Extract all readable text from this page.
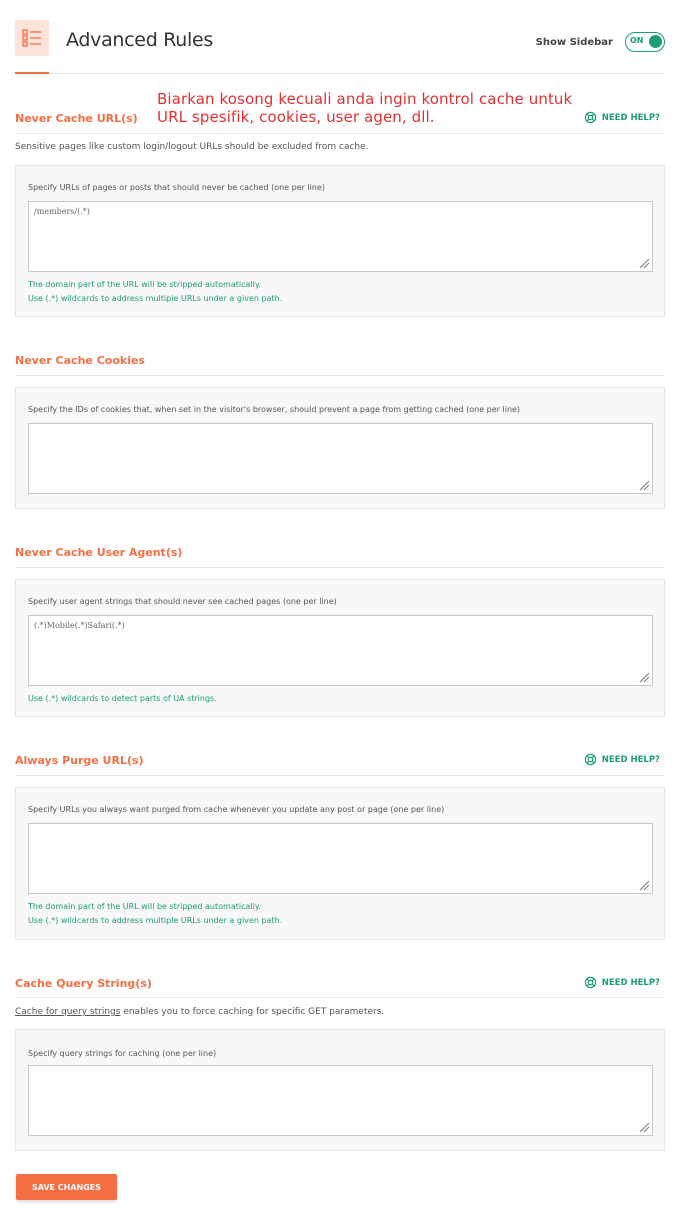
Advanced Rules	Show Sidebar ON
Biarkan kosong kecuali anda ingin kontrol cache untuk
URL spesifik, cookies, user agen, dll.
Never Cache URL(s)	NEED HELP?
Sensitive pages like custom login/logout URLs should be excluded from cache.
Specify URLs of pages or posts that should never be cached (one per line)
/members/(.*)
The domain part of the URL will be stripped automatically.
Use (.*) wildcards to address multiple URLs under a given path.
Never Cache Cookies
Specify the IDs of cookies that, when set in the visitor's browser, should prevent a page from getting cached (one per line)
Never Cache User Agent(s)
Specify user agent strings that should never see cached pages (one per line)
(.*)Mobile(.*)Safari(.*)
Use (.*) wildcards to detect parts of UA strings.
Always Purge URL(s)	NEED HELP?
Specify URLs you always want purged from cache whenever you update any post or page (one per line)
The domain part of the URL will be stripped automatically.
Use (.*) wildcards to address multiple URLs under a given path.
Cache Query String(s)	NEED HELP?
Cache for query strings enables you to force caching for specific GET parameters.
Specify query strings for caching (one per line)
SAVE CHANGES
